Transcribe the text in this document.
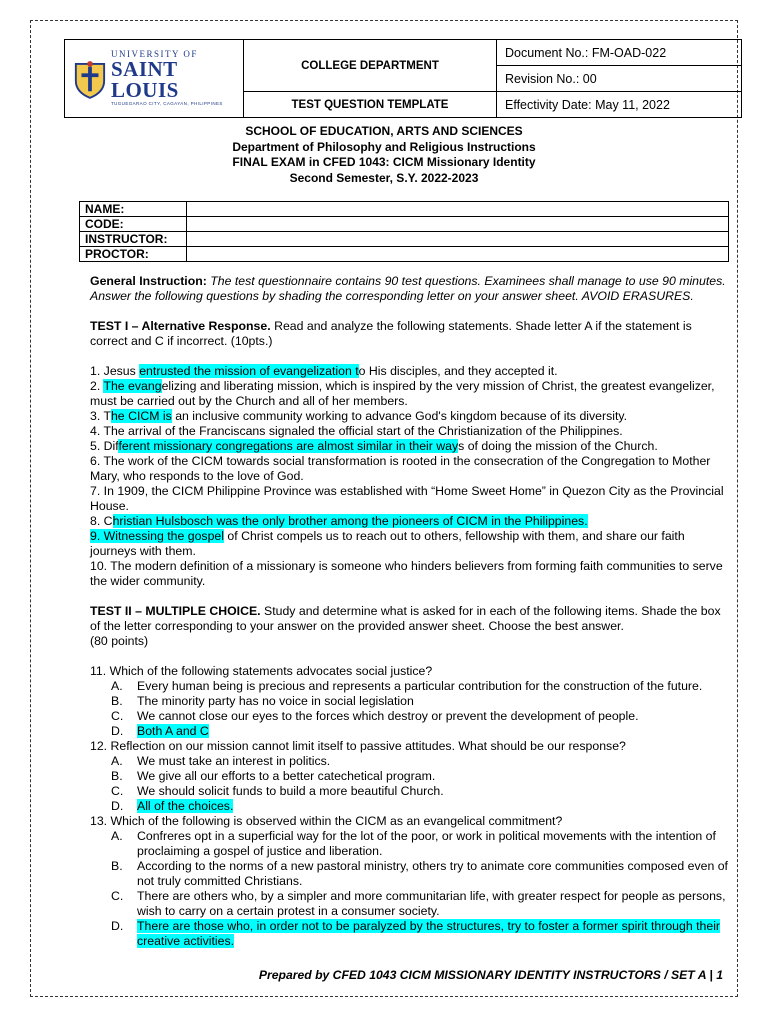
UNIVERSITY OF
SAINT LOUIS
TUGUEGARAO CITY, CAGAYAN, PHILIPPINES	COLLEGE DEPARTMENT	Document No.: FM-OAD-022
		Revision No.: 00
	TEST QUESTION TEMPLATE	Effectivity Date: May 11, 2022
SCHOOL OF EDUCATION, ARTS AND SCIENCES
Department of Philosophy and Religious Instructions
FINAL EXAM in CFED 1043: CICM Missionary Identity
Second Semester, S.Y. 2022-2023
NAME:	
CODE:	
INSTRUCTOR:	
PROCTOR:	

General Instruction: The test questionnaire contains 90 test questions. Examinees shall manage to use 90 minutes. Answer the following questions by shading the corresponding letter on your answer sheet. AVOID ERASURES.

TEST I – Alternative Response. Read and analyze the following statements. Shade letter A if the statement is correct and C if incorrect. (10pts.)

1. Jesus entrusted the mission of evangelization to His disciples, and they accepted it.

2. The evangelizing and liberating mission, which is inspired by the very mission of Christ, the greatest evangelizer, must be carried out by the Church and all of her members.

3. The CICM is an inclusive community working to advance God's kingdom because of its diversity.

4. The arrival of the Franciscans signaled the official start of the Christianization of the Philippines.

5. Different missionary congregations are almost similar in their ways of doing the mission of the Church.

6. The work of the CICM towards social transformation is rooted in the consecration of the Congregation to Mother Mary, who responds to the love of God.

7. In 1909, the CICM Philippine Province was established with “Home Sweet Home” in Quezon City as the Provincial House.

8. Christian Hulsbosch was the only brother among the pioneers of CICM in the Philippines.

9. Witnessing the gospel of Christ compels us to reach out to others, fellowship with them, and share our faith journeys with them.

10. The modern definition of a missionary is someone who hinders believers from forming faith communities to serve the wider community.

TEST II – MULTIPLE CHOICE. Study and determine what is asked for in each of the following items. Shade the box of the letter corresponding to your answer on the provided answer sheet. Choose the best answer.

(80 points)

11. Which of the following statements advocates social justice?

A.	Every human being is precious and represents a particular contribution for the construction of the future.
B.	The minority party has no voice in social legislation
C.	We cannot close our eyes to the forces which destroy or prevent the development of people.
D.	Both A and C

12. Reflection on our mission cannot limit itself to passive attitudes. What should be our response?

A.	We must take an interest in politics.
B.	We give all our efforts to a better catechetical program.
C.	We should solicit funds to build a more beautiful Church.
D.	All of the choices.

13. Which of the following is observed within the CICM as an evangelical commitment?

A.	Confreres opt in a superficial way for the lot of the poor, or work in political movements with the intention of proclaiming a gospel of justice and liberation.
B.	According to the norms of a new pastoral ministry, others try to animate core communities composed even of not truly committed Christians.
C.	There are others who, by a simpler and more communitarian life, with greater respect for people as persons, wish to carry on a certain protest in a consumer society.
D.	There are those who, in order not to be paralyzed by the structures, try to foster a former spirit through their creative activities.
Prepared by CFED 1043 CICM MISSIONARY IDENTITY INSTRUCTORS / SET A | 1
